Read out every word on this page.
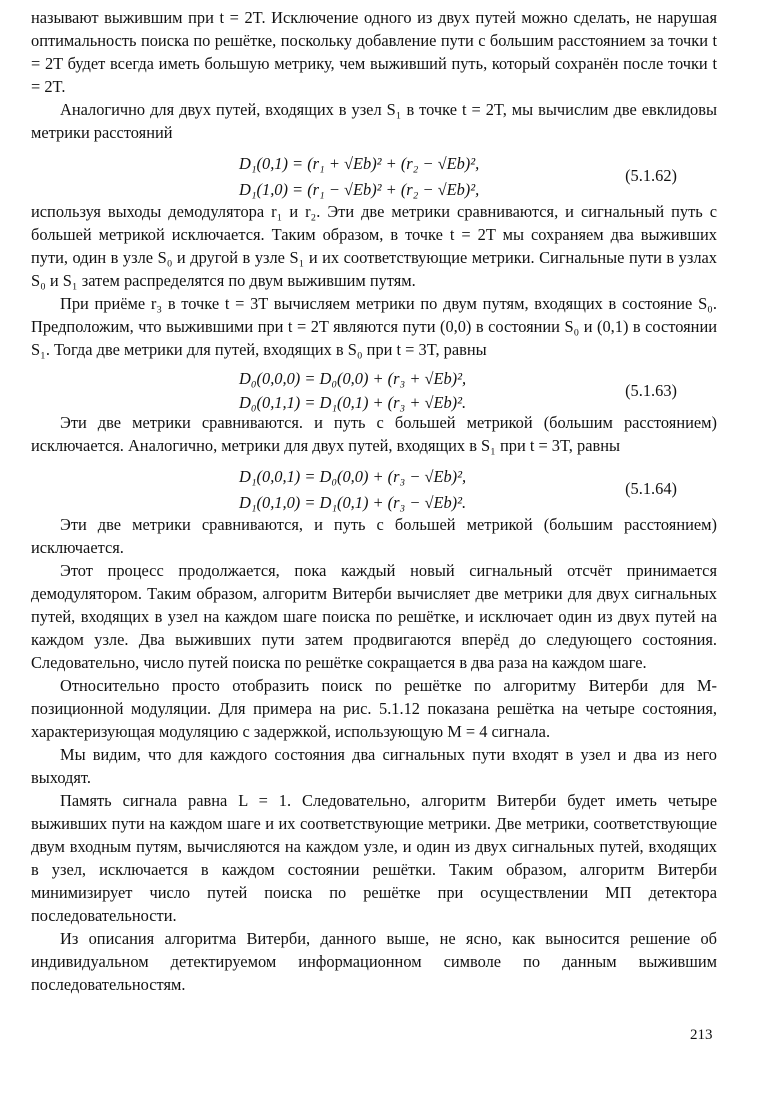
называют выжившим при t = 2T. Исключение одного из двух путей можно сделать, не нарушая оптимальность поиска по решётке, поскольку добавление пути с большим расстоянием за точки t = 2T будет всегда иметь большую метрику, чем выживший путь, который сохранён после точки t = 2T.

Аналогично для двух путей, входящих в узел S₁ в точке t = 2T, мы вычислим две евклидовы метрики расстояний

D₁(0,1) = (r₁ + √Eb)² + (r₂ − √Eb)²,
D₁(1,0) = (r₁ − √Eb)² + (r₂ − √Eb)²,
(5.1.62)

используя выходы демодулятора r₁ и r₂. Эти две метрики сравниваются, и сигнальный путь с большей метрикой исключается. Таким образом, в точке t = 2T мы сохраняем два выживших пути, один в узле S₀ и другой в узле S₁ и их соответствующие метрики. Сигнальные пути в узлах S₀ и S₁ затем распределятся по двум выжившим путям.

При приёме r₃ в точке t = 3T вычисляем метрики по двум путям, входящих в состояние S₀. Предположим, что выжившими при t = 2T являются пути (0,0) в состоянии S₀ и (0,1) в состоянии S₁. Тогда две метрики для путей, входящих в S₀ при t = 3T, равны

D₀(0,0,0) = D₀(0,0) + (r₃ + √Eb)²,
D₀(0,1,1) = D₁(0,1) + (r₃ + √Eb)².
(5.1.63)

Эти две метрики сравниваются. и путь с большей метрикой (большим расстоянием) исключается. Аналогично, метрики для двух путей, входящих в S₁ при t = 3T, равны

D₁(0,0,1) = D₀(0,0) + (r₃ − √Eb)²,
D₁(0,1,0) = D₁(0,1) + (r₃ − √Eb)².
(5.1.64)

Эти две метрики сравниваются, и путь с большей метрикой (большим расстоянием) исключается.

Этот процесс продолжается, пока каждый новый сигнальный отсчёт принимается демодулятором. Таким образом, алгоритм Витерби вычисляет две метрики для двух сигнальных путей, входящих в узел на каждом шаге поиска по решётке, и исключает один из двух путей на каждом узле. Два выживших пути затем продвигаются вперёд до следующего состояния. Следовательно, число путей поиска по решётке сокращается в два раза на каждом шаге.

Относительно просто отобразить поиск по решётке по алгоритму Витерби для M-позиционной модуляции. Для примера на рис. 5.1.12 показана решётка на четыре состояния, характеризующая модуляцию с задержкой, использующую M = 4 сигнала.

Мы видим, что для каждого состояния два сигнальных пути входят в узел и два из него выходят.

Память сигнала равна L = 1. Следовательно, алгоритм Витерби будет иметь четыре выживших пути на каждом шаге и их соответствующие метрики. Две метрики, соответствующие двум входным путям, вычисляются на каждом узле, и один из двух сигнальных путей, входящих в узел, исключается в каждом состоянии решётки. Таким образом, алгоритм Витерби минимизирует число путей поиска по решётке при осуществлении МП детектора последовательности.

Из описания алгоритма Витерби, данного выше, не ясно, как выносится решение об индивидуальном детектируемом информационном символе по данным выжившим последовательностям.

213
